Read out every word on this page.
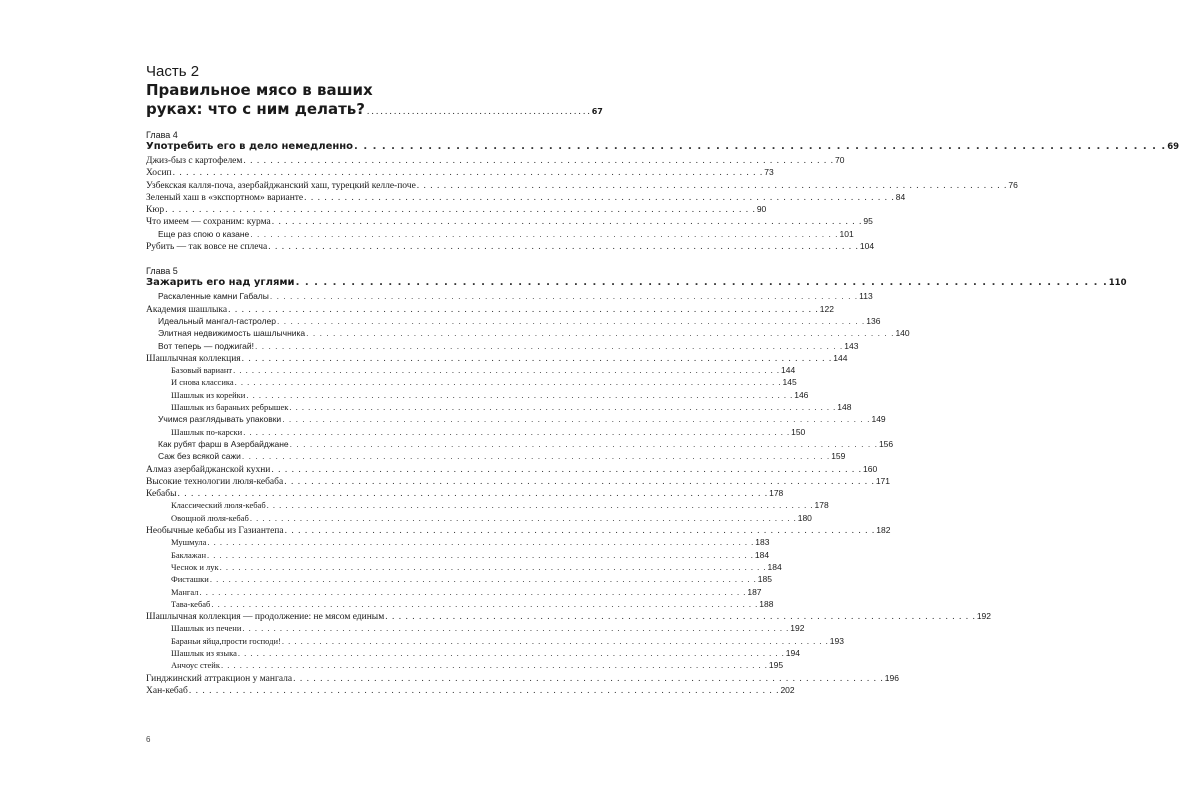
Часть 2
Правильное мясо в ваших
руках: что с ним делать? . . . . . . . . . . . . . . . . . . . . . . . . . . . . . . . . . . . . . . . . . . . . . . . . . . 67
Глава 4
Употребить его в дело немедленно . . . . . . . . . . . . . . . . . . . . . . . . . . . . . . . . . . . . . . . . . . . . . . . . . . . . . . . . . . . . . . . . . . . . . . . . . . . . . . . . . . . . . . . . 69
Джиз-быз с картофелем . . . . . . . . . . . . . . . . . . . . . . . . . . . . . . . . . . . . . . . . . . . . . . . . . . . . . . . . . . . . . . . . . . . . . . . . . . . . . . . . . . . . . . . . 70
Хосип . . . . . . . . . . . . . . . . . . . . . . . . . . . . . . . . . . . . . . . . . . . . . . . . . . . . . . . . . . . . . . . . . . . . . . . . . . . . . . . . . . . . . . . . 73
Узбекская калля-поча, азербайджанский хаш, турецкий келле-поче . . . . . . . . . . . . . . . . . . . . . . . . . . . . . . . . . . . . . . . . . . . . . . . . . . . . . . . . . . . . . . . . . . . . . . . . . . . . . . . . . . . . . . . . 76
Зеленый хаш в «экспортном» варианте . . . . . . . . . . . . . . . . . . . . . . . . . . . . . . . . . . . . . . . . . . . . . . . . . . . . . . . . . . . . . . . . . . . . . . . . . . . . . . . . . . . . . . . . 84
Кюр . . . . . . . . . . . . . . . . . . . . . . . . . . . . . . . . . . . . . . . . . . . . . . . . . . . . . . . . . . . . . . . . . . . . . . . . . . . . . . . . . . . . . . . . 90
Что имеем — сохраним: курма . . . . . . . . . . . . . . . . . . . . . . . . . . . . . . . . . . . . . . . . . . . . . . . . . . . . . . . . . . . . . . . . . . . . . . . . . . . . . . . . . . . . . . . . 95
Еще раз спою о казане . . . . . . . . . . . . . . . . . . . . . . . . . . . . . . . . . . . . . . . . . . . . . . . . . . . . . . . . . . . . . . . . . . . . . . . . . . . . . . . . . . . . . . . . 101
Рубить — так вовсе не сплеча . . . . . . . . . . . . . . . . . . . . . . . . . . . . . . . . . . . . . . . . . . . . . . . . . . . . . . . . . . . . . . . . . . . . . . . . . . . . . . . . . . . . . . . . 104
Глава 5
Зажарить его над углями . . . . . . . . . . . . . . . . . . . . . . . . . . . . . . . . . . . . . . . . . . . . . . . . . . . . . . . . . . . . . . . . . . . . . . . . . . . . . . . . . . . . . . . . 110
Раскаленные камни Габалы . . . . . . . . . . . . . . . . . . . . . . . . . . . . . . . . . . . . . . . . . . . . . . . . . . . . . . . . . . . . . . . . . . . . . . . . . . . . . . . . . . . . . . . . 113
Академия шашлыка . . . . . . . . . . . . . . . . . . . . . . . . . . . . . . . . . . . . . . . . . . . . . . . . . . . . . . . . . . . . . . . . . . . . . . . . . . . . . . . . . . . . . . . . 122
Идеальный мангал-гастролер . . . . . . . . . . . . . . . . . . . . . . . . . . . . . . . . . . . . . . . . . . . . . . . . . . . . . . . . . . . . . . . . . . . . . . . . . . . . . . . . . . . . . . . . 136
Элитная недвижимость шашлычника . . . . . . . . . . . . . . . . . . . . . . . . . . . . . . . . . . . . . . . . . . . . . . . . . . . . . . . . . . . . . . . . . . . . . . . . . . . . . . . . . . . . . . . . 140
Вот теперь — поджигай! . . . . . . . . . . . . . . . . . . . . . . . . . . . . . . . . . . . . . . . . . . . . . . . . . . . . . . . . . . . . . . . . . . . . . . . . . . . . . . . . . . . . . . . . 143
Шашлычная коллекция . . . . . . . . . . . . . . . . . . . . . . . . . . . . . . . . . . . . . . . . . . . . . . . . . . . . . . . . . . . . . . . . . . . . . . . . . . . . . . . . . . . . . . . . 144
Базовый вариант . . . . . . . . . . . . . . . . . . . . . . . . . . . . . . . . . . . . . . . . . . . . . . . . . . . . . . . . . . . . . . . . . . . . . . . . . . . . . . . . . . . . . . . . 144
И снова классика . . . . . . . . . . . . . . . . . . . . . . . . . . . . . . . . . . . . . . . . . . . . . . . . . . . . . . . . . . . . . . . . . . . . . . . . . . . . . . . . . . . . . . . . 145
Шашлык из корейки . . . . . . . . . . . . . . . . . . . . . . . . . . . . . . . . . . . . . . . . . . . . . . . . . . . . . . . . . . . . . . . . . . . . . . . . . . . . . . . . . . . . . . . . 146
Шашлык из бараньих ребрышек . . . . . . . . . . . . . . . . . . . . . . . . . . . . . . . . . . . . . . . . . . . . . . . . . . . . . . . . . . . . . . . . . . . . . . . . . . . . . . . . . . . . . . . . 148
Учимся разглядывать упаковки . . . . . . . . . . . . . . . . . . . . . . . . . . . . . . . . . . . . . . . . . . . . . . . . . . . . . . . . . . . . . . . . . . . . . . . . . . . . . . . . . . . . . . . . 149
Шашлык по-карски . . . . . . . . . . . . . . . . . . . . . . . . . . . . . . . . . . . . . . . . . . . . . . . . . . . . . . . . . . . . . . . . . . . . . . . . . . . . . . . . . . . . . . . . 150
Как рубят фарш в Азербайджане . . . . . . . . . . . . . . . . . . . . . . . . . . . . . . . . . . . . . . . . . . . . . . . . . . . . . . . . . . . . . . . . . . . . . . . . . . . . . . . . . . . . . . . . 156
Саж без всякой сажи . . . . . . . . . . . . . . . . . . . . . . . . . . . . . . . . . . . . . . . . . . . . . . . . . . . . . . . . . . . . . . . . . . . . . . . . . . . . . . . . . . . . . . . . 159
Алмаз азербайджанской кухни . . . . . . . . . . . . . . . . . . . . . . . . . . . . . . . . . . . . . . . . . . . . . . . . . . . . . . . . . . . . . . . . . . . . . . . . . . . . . . . . . . . . . . . . 160
Высокие технологии люля-кебаба . . . . . . . . . . . . . . . . . . . . . . . . . . . . . . . . . . . . . . . . . . . . . . . . . . . . . . . . . . . . . . . . . . . . . . . . . . . . . . . . . . . . . . . . 171
Кебабы . . . . . . . . . . . . . . . . . . . . . . . . . . . . . . . . . . . . . . . . . . . . . . . . . . . . . . . . . . . . . . . . . . . . . . . . . . . . . . . . . . . . . . . . 178
Классический люля-кебаб . . . . . . . . . . . . . . . . . . . . . . . . . . . . . . . . . . . . . . . . . . . . . . . . . . . . . . . . . . . . . . . . . . . . . . . . . . . . . . . . . . . . . . . . 178
Овощной люля-кебаб . . . . . . . . . . . . . . . . . . . . . . . . . . . . . . . . . . . . . . . . . . . . . . . . . . . . . . . . . . . . . . . . . . . . . . . . . . . . . . . . . . . . . . . . 180
Необычные кебабы из Газиантепа . . . . . . . . . . . . . . . . . . . . . . . . . . . . . . . . . . . . . . . . . . . . . . . . . . . . . . . . . . . . . . . . . . . . . . . . . . . . . . . . . . . . . . . . 182
Мушмула . . . . . . . . . . . . . . . . . . . . . . . . . . . . . . . . . . . . . . . . . . . . . . . . . . . . . . . . . . . . . . . . . . . . . . . . . . . . . . . . . . . . . . . . 183
Баклажан . . . . . . . . . . . . . . . . . . . . . . . . . . . . . . . . . . . . . . . . . . . . . . . . . . . . . . . . . . . . . . . . . . . . . . . . . . . . . . . . . . . . . . . . 184
Чеснок и лук . . . . . . . . . . . . . . . . . . . . . . . . . . . . . . . . . . . . . . . . . . . . . . . . . . . . . . . . . . . . . . . . . . . . . . . . . . . . . . . . . . . . . . . . 184
Фисташки . . . . . . . . . . . . . . . . . . . . . . . . . . . . . . . . . . . . . . . . . . . . . . . . . . . . . . . . . . . . . . . . . . . . . . . . . . . . . . . . . . . . . . . . 185
Мангал . . . . . . . . . . . . . . . . . . . . . . . . . . . . . . . . . . . . . . . . . . . . . . . . . . . . . . . . . . . . . . . . . . . . . . . . . . . . . . . . . . . . . . . . 187
Тава-кебаб . . . . . . . . . . . . . . . . . . . . . . . . . . . . . . . . . . . . . . . . . . . . . . . . . . . . . . . . . . . . . . . . . . . . . . . . . . . . . . . . . . . . . . . . 188
Шашлычная коллекция — продолжение: не мясом единым . . . . . . . . . . . . . . . . . . . . . . . . . . . . . . . . . . . . . . . . . . . . . . . . . . . . . . . . . . . . . . . . . . . . . . . . . . . . . . . . . . . . . . . . 192
Шашлык из печени . . . . . . . . . . . . . . . . . . . . . . . . . . . . . . . . . . . . . . . . . . . . . . . . . . . . . . . . . . . . . . . . . . . . . . . . . . . . . . . . . . . . . . . . 192
Бараньи яйца,прости господи! . . . . . . . . . . . . . . . . . . . . . . . . . . . . . . . . . . . . . . . . . . . . . . . . . . . . . . . . . . . . . . . . . . . . . . . . . . . . . . . . . . . . . . . . 193
Шашлык из языка . . . . . . . . . . . . . . . . . . . . . . . . . . . . . . . . . . . . . . . . . . . . . . . . . . . . . . . . . . . . . . . . . . . . . . . . . . . . . . . . . . . . . . . . 194
Анчоус стейк . . . . . . . . . . . . . . . . . . . . . . . . . . . . . . . . . . . . . . . . . . . . . . . . . . . . . . . . . . . . . . . . . . . . . . . . . . . . . . . . . . . . . . . . 195
Гинджинский аттракцион у мангала . . . . . . . . . . . . . . . . . . . . . . . . . . . . . . . . . . . . . . . . . . . . . . . . . . . . . . . . . . . . . . . . . . . . . . . . . . . . . . . . . . . . . . . . 196
Хан-кебаб . . . . . . . . . . . . . . . . . . . . . . . . . . . . . . . . . . . . . . . . . . . . . . . . . . . . . . . . . . . . . . . . . . . . . . . . . . . . . . . . . . . . . . . . 202
6
